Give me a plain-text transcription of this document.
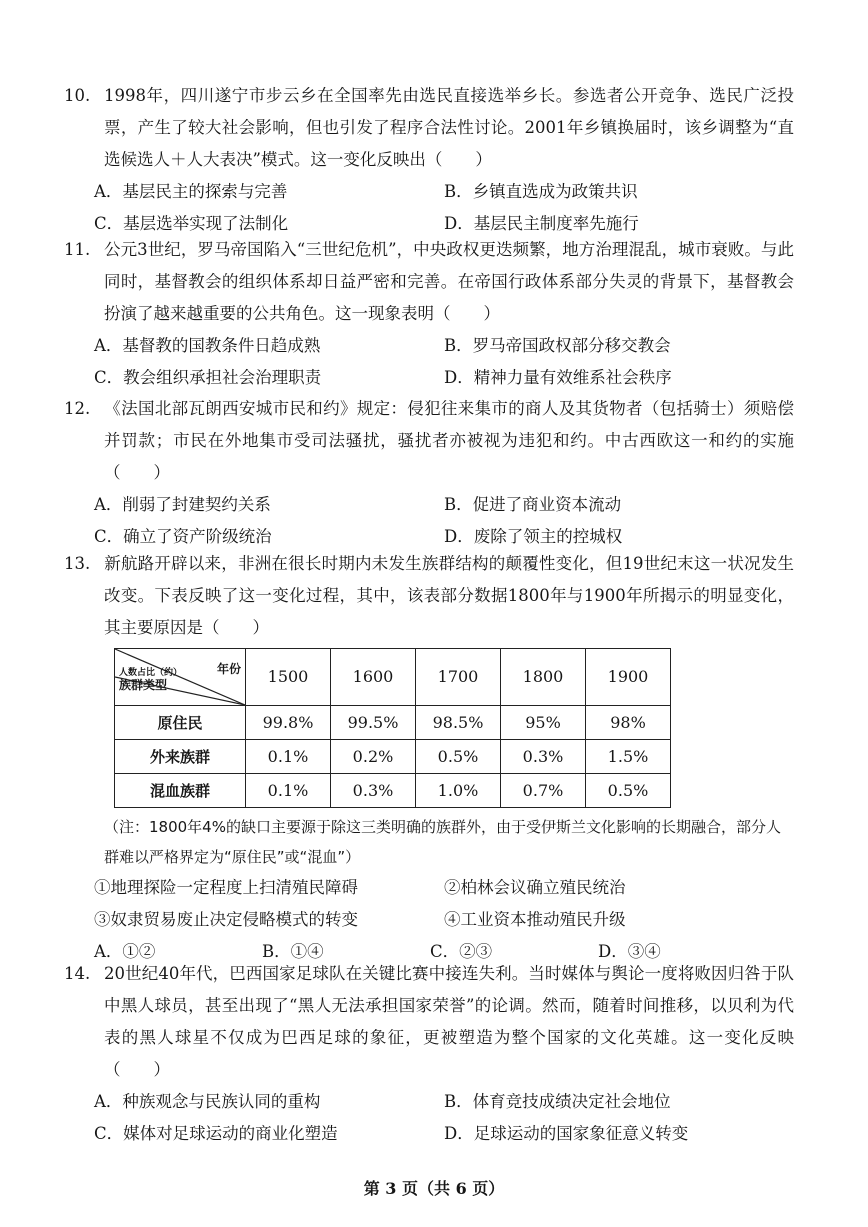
10. 1998年，四川遂宁市步云乡在全国率先由选民直接选举乡长。参选者公开竞争、选民广泛投票，产生了较大社会影响，但也引发了程序合法性讨论。2001年乡镇换届时，该乡调整为“直选候选人＋人大表决”模式。这一变化反映出（　　）

A．基层民主的探索与完善	B．乡镇直选成为政策共识
C．基层选举实现了法制化	D．基层民主制度率先施行

11. 公元3世纪，罗马帝国陷入“三世纪危机”，中央政权更迭频繁，地方治理混乱，城市衰败。与此同时，基督教会的组织体系却日益严密和完善。在帝国行政体系部分失灵的背景下，基督教会扮演了越来越重要的公共角色。这一现象表明（　　）

A．基督教的国教条件日趋成熟	B．罗马帝国政权部分移交教会
C．教会组织承担社会治理职责	D．精神力量有效维系社会秩序

12. 《法国北部瓦朗西安城市民和约》规定：侵犯往来集市的商人及其货物者（包括骑士）须赔偿并罚款；市民在外地集市受司法骚扰，骚扰者亦被视为违犯和约。中古西欧这一和约的实施（　　）

A．削弱了封建契约关系	B．促进了商业资本流动
C．确立了资产阶级统治	D．废除了领主的控城权

13. 新航路开辟以来，非洲在很长时期内未发生族群结构的颠覆性变化，但19世纪末这一状况发生改变。下表反映了这一变化过程，其中，该表部分数据1800年与1900年所揭示的明显变化，其主要原因是（　　）

人数占比（约） 年份
族群类型	1500	1600	1700	1800	1900
原住民	99.8%	99.5%	98.5%	95%	98%
外来族群	0.1%	0.2%	0.5%	0.3%	1.5%
混血族群	0.1%	0.3%	1.0%	0.7%	0.5%
（注：1800年4%的缺口主要源于除这三类明确的族群外，由于受伊斯兰文化影响的长期融合，部分人群难以严格界定为“原住民”或“混血”）
①地理探险一定程度上扫清殖民障碍	②柏林会议确立殖民统治
③奴隶贸易废止决定侵略模式的转变	④工业资本推动殖民升级
A．①②	B．①④	C．②③	D．③④

14. 20世纪40年代，巴西国家足球队在关键比赛中接连失利。当时媒体与舆论一度将败因归咎于队中黑人球员，甚至出现了“黑人无法承担国家荣誉”的论调。然而，随着时间推移，以贝利为代表的黑人球星不仅成为巴西足球的象征，更被塑造为整个国家的文化英雄。这一变化反映（　　）

A．种族观念与民族认同的重构	B．体育竞技成绩决定社会地位
C．媒体对足球运动的商业化塑造	D．足球运动的国家象征意义转变
第 3 页（共 6 页）
